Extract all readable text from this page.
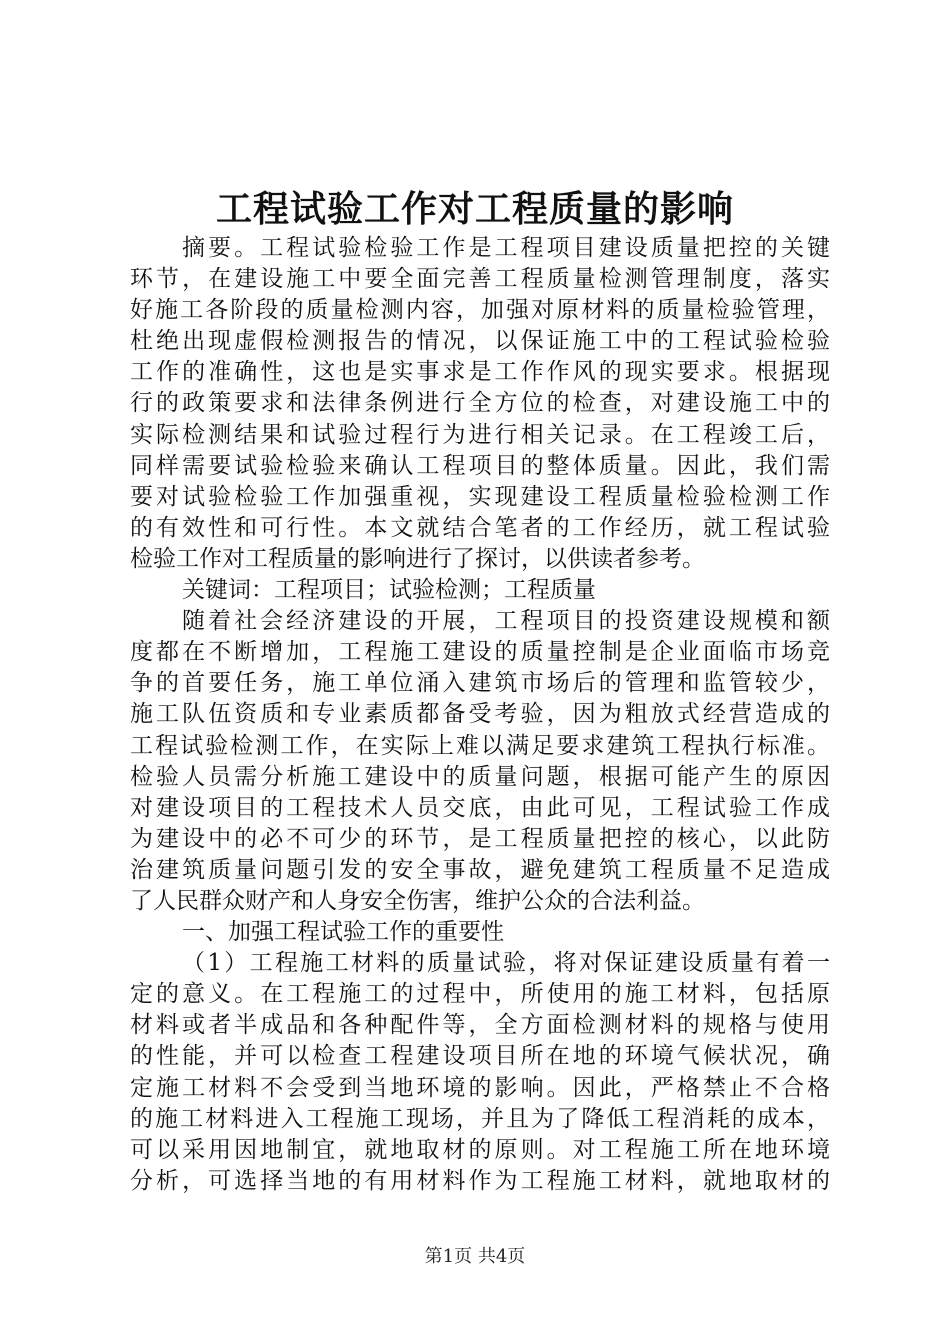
工程试验工作对工程质量的影响
摘要。工程试验检验工作是工程项目建设质量把控的关键
环节，在建设施工中要全面完善工程质量检测管理制度，落实
好施工各阶段的质量检测内容，加强对原材料的质量检验管理，
杜绝出现虚假检测报告的情况，以保证施工中的工程试验检验
工作的准确性，这也是实事求是工作作风的现实要求。根据现
行的政策要求和法律条例进行全方位的检查，对建设施工中的
实际检测结果和试验过程行为进行相关记录。在工程竣工后，
同样需要试验检验来确认工程项目的整体质量。因此，我们需
要对试验检验工作加强重视，实现建设工程质量检验检测工作
的有效性和可行性。本文就结合笔者的工作经历，就工程试验
检验工作对工程质量的影响进行了探讨，以供读者参考。
关键词：工程项目；试验检测；工程质量
随着社会经济建设的开展，工程项目的投资建设规模和额
度都在不断增加，工程施工建设的质量控制是企业面临市场竞
争的首要任务，施工单位涌入建筑市场后的管理和监管较少，
施工队伍资质和专业素质都备受考验，因为粗放式经营造成的
工程试验检测工作，在实际上难以满足要求建筑工程执行标准。
检验人员需分析施工建设中的质量问题，根据可能产生的原因
对建设项目的工程技术人员交底，由此可见，工程试验工作成
为建设中的必不可少的环节，是工程质量把控的核心，以此防
治建筑质量问题引发的安全事故，避免建筑工程质量不足造成
了人民群众财产和人身安全伤害，维护公众的合法利益。
一、加强工程试验工作的重要性
（1）工程施工材料的质量试验，将对保证建设质量有着一
定的意义。在工程施工的过程中，所使用的施工材料，包括原
材料或者半成品和各种配件等，全方面检测材料的规格与使用
的性能，并可以检查工程建设项目所在地的环境气候状况，确
定施工材料不会受到当地环境的影响。因此，严格禁止不合格
的施工材料进入工程施工现场，并且为了降低工程消耗的成本，
可以采用因地制宜，就地取材的原则。对工程施工所在地环境
分析，可选择当地的有用材料作为工程施工材料，就地取材的
第1页 共4页
